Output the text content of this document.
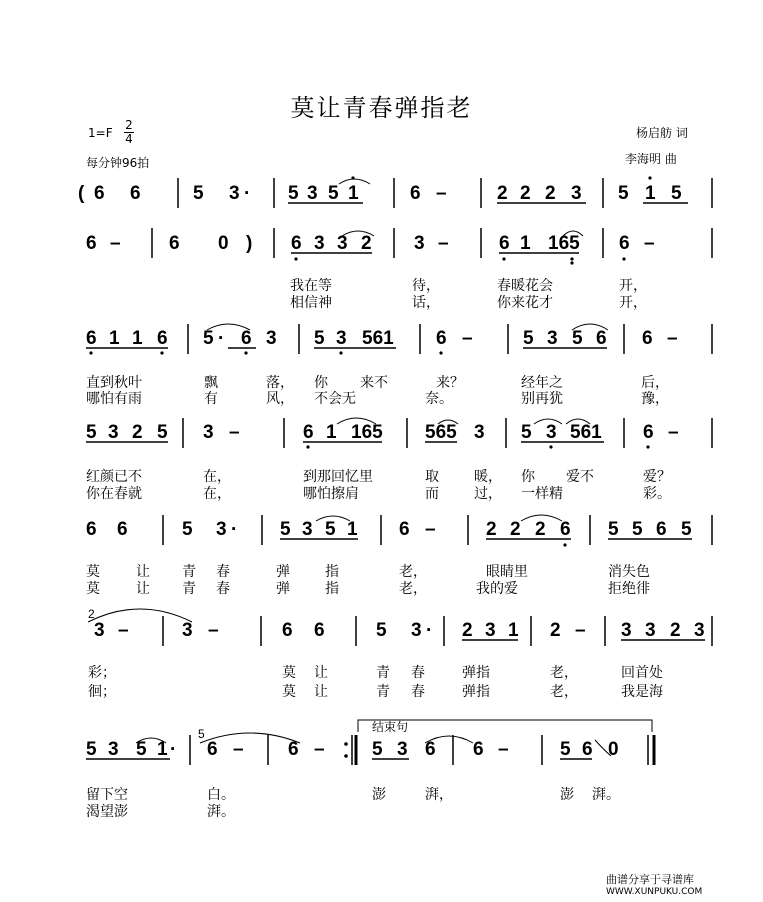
莫让青春弹指老
1=F
2
4
每分钟96拍
杨启舫 词
李海明 曲
结束句
2
5
( 6 6	5 3 · 5 3 5 1	6 –	2 2 2 3 5 1 5
6 –	6 0 ) 6 3 3 2 3 –	6 1 165 6 –
6 1 1 6 5 · 6 3 5 3 561 6 –	5 3 5 6 6 –
5 3 2 5 3 –	6 1 165 565 3 5 3 561 6 –
6 6	5 3 · 5 3 5 1 6 –	2 2 2 6 5 5 6 5
3 –	3 –	6 6	5 3 · 2 3 1 2 – 3 3 2 3
5 3 5 1 · 6 – 6 – 5 3 6 6 –	5 6 0
我在等	待，	春暖花会	开，
相信神	话，	你来花才	开，
直到秋叶	飘	落， 你 来不	来？	经年之	后，
哪怕有雨	有	风， 不会无	奈。	别再犹	豫，
红颜已不	在，	到那回忆里	取	暖， 你 爱不	爱？
你在春就	在，	哪怕擦肩	而	过， 一样精	彩。
莫	让 青 春	弹	指	老，	眼睛里	消失色
莫	让 青 春	弹	指	老，	我的爱	拒绝徘
彩；	莫 让	青 春	弹指	老，	回首处
徊；	莫 让	青 春	弹指	老，	我是海
留下空	白。	澎	湃，	澎 湃。
渴望澎	湃。
曲谱分享于寻谱库
WWW.XUNPUKU.COM
